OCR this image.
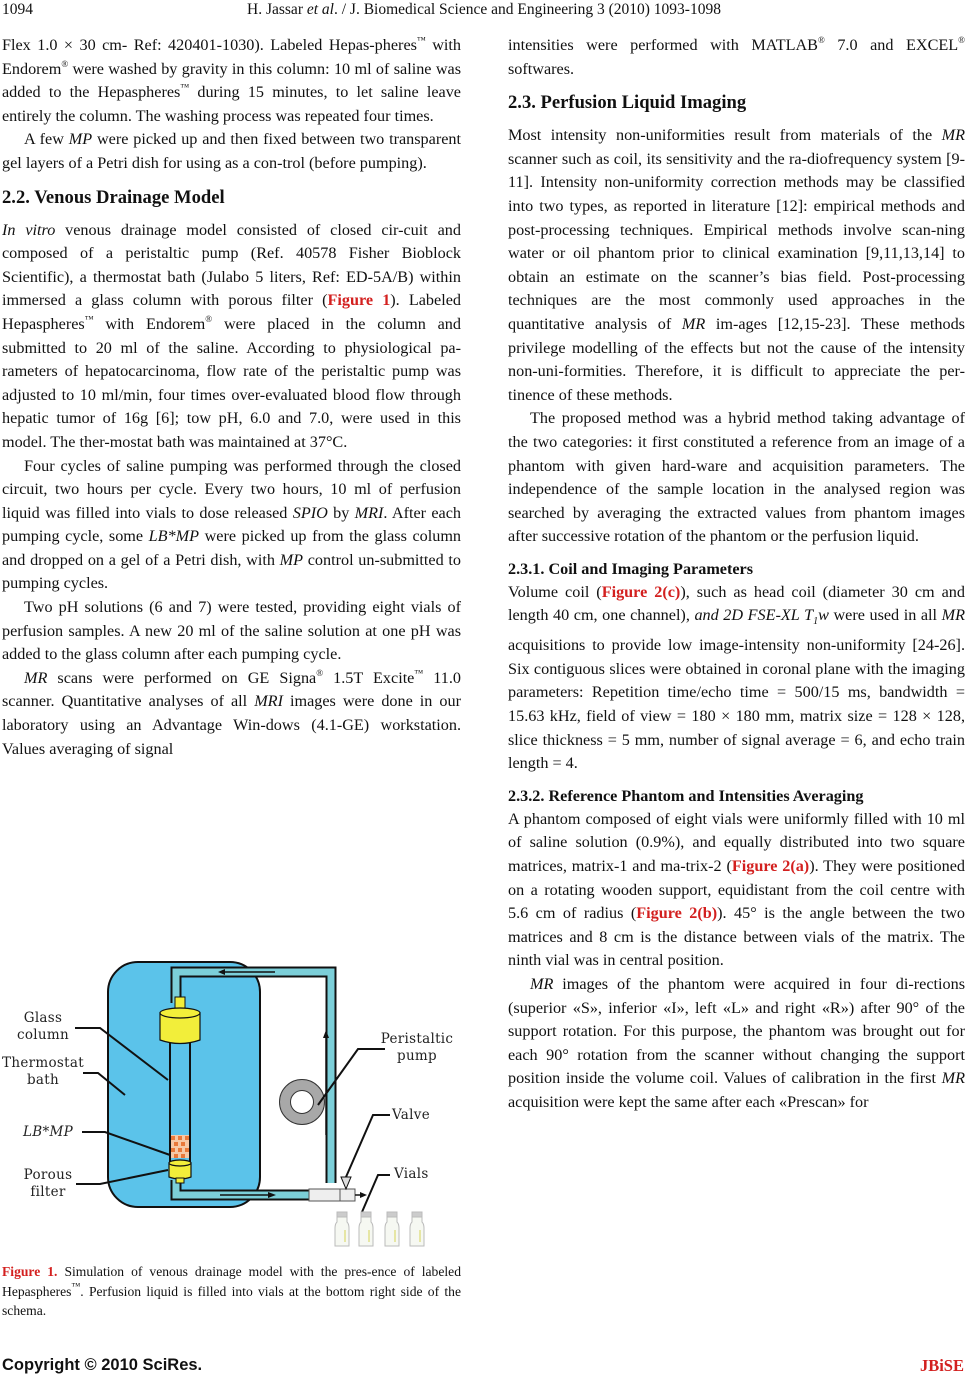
1094	H. Jassar et al. / J. Biomedical Science and Engineering 3 (2010) 1093-1098

Flex 1.0 × 30 cm- Ref: 420401-1030). Labeled Hepas-pheres™ with Endorem® were washed by gravity in this column: 10 ml of saline was added to the Hepaspheres™ during 15 minutes, to let saline leave entirely the column. The washing process was repeated four times.

A few MP were picked up and then fixed between two transparent gel layers of a Petri dish for using as a con-trol (before pumping).

2.2. Venous Drainage Model

In vitro venous drainage model consisted of closed cir-cuit and composed of a peristaltic pump (Ref. 40578 Fisher Bioblock Scientific), a thermostat bath (Julabo 5 liters, Ref: ED-5A/B) within immersed a glass column with porous filter (Figure 1). Labeled Hepaspheres™ with Endorem® were placed in the column and submitted to 20 ml of the saline. According to physiological pa-rameters of hepatocarcinoma, flow rate of the peristaltic pump was adjusted to 10 ml/min, four times over-evaluated blood flow through hepatic tumor of 16g [6]; tow pH, 6.0 and 7.0, were used in this model. The ther-mostat bath was maintained at 37°C.

Four cycles of saline pumping was performed through the closed circuit, two hours per cycle. Every two hours, 10 ml of perfusion liquid was filled into vials to dose released SPIO by MRI. After each pumping cycle, some LB*MP were picked up from the glass column and dropped on a gel of a Petri dish, with MP control un-submitted to pumping cycles.

Two pH solutions (6 and 7) were tested, providing eight vials of perfusion samples. A new 20 ml of the saline solution at one pH was added to the glass column after each pumping cycle.

MR scans were performed on GE Signa® 1.5T Excite™ 11.0 scanner. Quantitative analyses of all MRI images were done in our laboratory using an Advantage Win-dows (4.1-GE) workstation. Values averaging of signal

Glass
column
Thermostat
bath
LB*MP
Porous
filter
Peristaltic
pump
Valve
Vials
Figure 1. Simulation of venous drainage model with the pres-ence of labeled Hepaspheres™. Perfusion liquid is filled into vials at the bottom right side of the schema.

intensities were performed with MATLAB® 7.0 and EXCEL® softwares.

2.3. Perfusion Liquid Imaging

Most intensity non-uniformities result from materials of the MR scanner such as coil, its sensitivity and the ra-diofrequency system [9-11]. Intensity non-uniformity correction methods may be classified into two types, as reported in literature [12]: empirical methods and post-processing techniques. Empirical methods involve scan-ning water or oil phantom prior to clinical examination [9,11,13,14] to obtain an estimate on the scanner’s bias field. Post-processing techniques are the most commonly used approaches in the quantitative analysis of MR im-ages [12,15-23]. These methods privilege modelling of the effects but not the cause of the intensity non-uni-formities. Therefore, it is difficult to appreciate the per-tinence of these methods.

The proposed method was a hybrid method taking advantage of the two categories: it first constituted a reference from an image of a phantom with given hard-ware and acquisition parameters. The independence of the sample location in the analysed region was searched by averaging the extracted values from phantom images after successive rotation of the phantom or the perfusion liquid.

2.3.1. Coil and Imaging Parameters

Volume coil (Figure 2(c)), such as head coil (diameter 30 cm and length 40 cm, one channel), and 2D FSE-XL $T_1w$ were used in all MR acquisitions to provide low image-intensity non-uniformity [24-26]. Six contiguous slices were obtained in coronal plane with the imaging parameters: Repetition time/echo time = 500/15 ms, bandwidth = 15.63 kHz, field of view = 180 × 180 mm, matrix size = 128 × 128, slice thickness = 5 mm, number of signal average = 6, and echo train length = 4.

2.3.2. Reference Phantom and Intensities Averaging

A phantom composed of eight vials were uniformly filled with 10 ml of saline solution (0.9%), and equally distributed into two square matrices, matrix-1 and ma-trix-2 (Figure 2(a)). They were positioned on a rotating wooden support, equidistant from the coil centre with 5.6 cm of radius (Figure 2(b)). 45° is the angle between the two matrices and 8 cm is the distance between vials of the matrix. The ninth vial was in central position.

MR images of the phantom were acquired in four di-rections (superior «S», inferior «I», left «L» and right «R») after 90° of the support rotation. For this purpose, the phantom was brought out for each 90° rotation from the scanner without changing the support position inside the volume coil. Values of calibration in the first MR acquisition were kept the same after each «Prescan» for

Copyright © 2010 SciRes.	JBiSE
